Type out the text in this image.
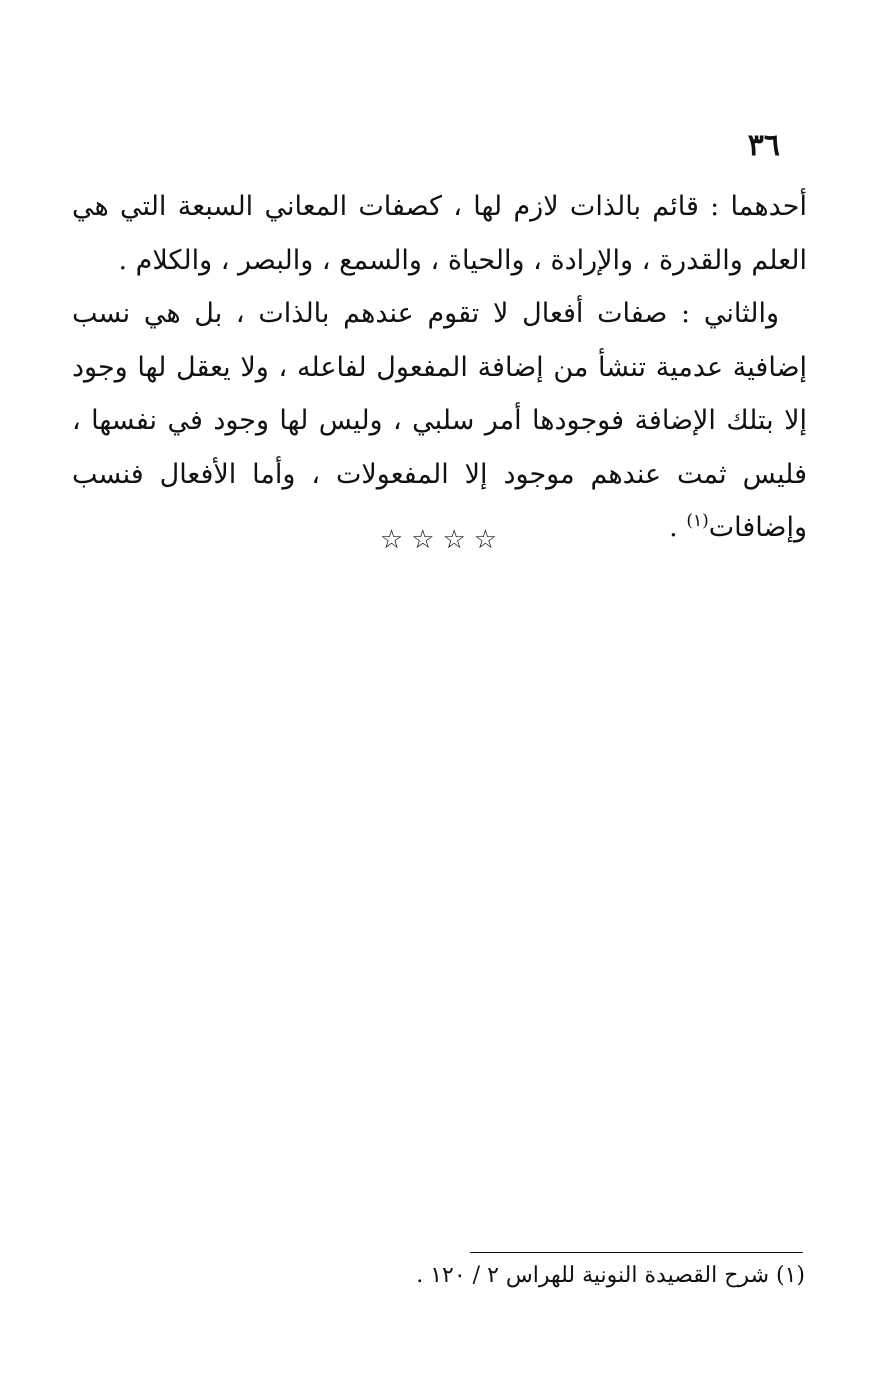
٣٦

أحدهما : قائم بالذات لازم لها ، كصفات المعاني السبعة التي هي العلم والقدرة ، والإرادة ، والحياة ، والسمع ، والبصر ، والكلام .

والثاني : صفات أفعال لا تقوم عندهم بالذات ، بل هي نسب إضافية عدمية تنشأ من إضافة المفعول لفاعله ، ولا يعقل لها وجود إلا بتلك الإضافة فوجودها أمر سلبي ، وليس لها وجود في نفسها ، فليس ثمت عندهم موجود إلا المفعولات ، وأما الأفعال فنسب وإضافات$^{(١)}$ .

☆☆☆☆
(١) شرح القصيدة النونية للهراس ٢ / ١٢٠ .
